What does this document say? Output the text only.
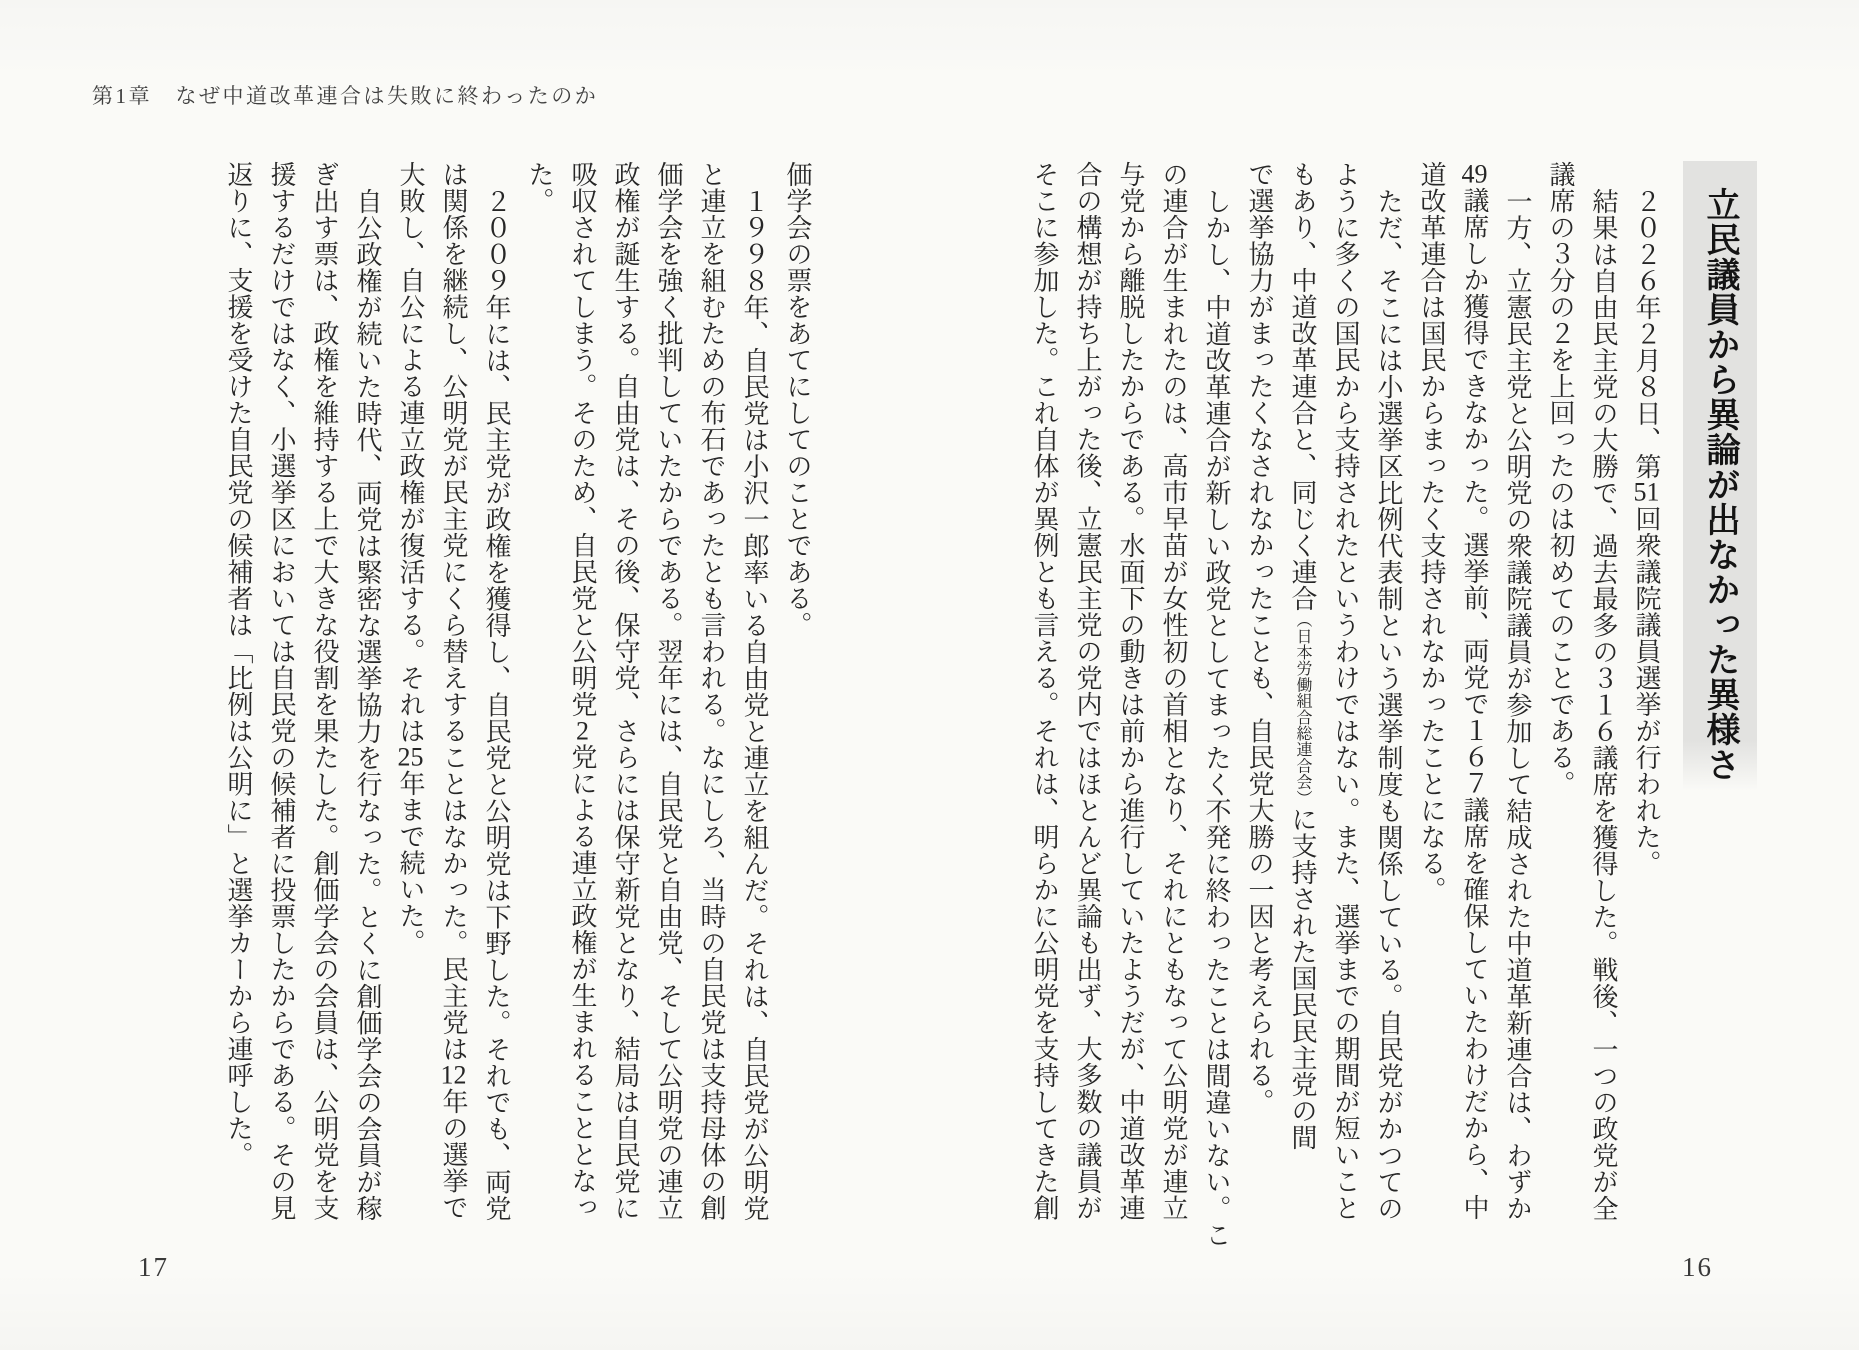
第1章　なぜ中道改革連合は失敗に終わったのか
立民議員から異論が出なかった異様さ
２０２６年２月８日、第51回衆議院議員選挙が行われた。
結果は自由民主党の大勝で、過去最多の３１６議席を獲得した。戦後、一つの政党が全
議席の３分の２を上回ったのは初めてのことである。
一方、立憲民主党と公明党の衆議院議員が参加して結成された中道革新連合は、わずか
49議席しか獲得できなかった。選挙前、両党で１６７議席を確保していたわけだから、中
道改革連合は国民からまったく支持されなかったことになる。
ただ、そこには小選挙区比例代表制という選挙制度も関係している。自民党がかつての
ように多くの国民から支持されたというわけではない。また、選挙までの期間が短いこと
もあり、中道改革連合と、同じく連合（日本労働組合総連合会）に支持された国民民主党の間
で選挙協力がまったくなされなかったことも、自民党大勝の一因と考えられる。
しかし、中道改革連合が新しい政党としてまったく不発に終わったことは間違いない。こ
の連合が生まれたのは、高市早苗が女性初の首相となり、それにともなって公明党が連立
与党から離脱したからである。水面下の動きは前から進行していたようだが、中道改革連
合の構想が持ち上がった後、立憲民主党の党内ではほとんど異論も出ず、大多数の議員が
そこに参加した。これ自体が異例とも言える。それは、明らかに公明党を支持してきた創
価学会の票をあてにしてのことである。
１９９８年、自民党は小沢一郎率いる自由党と連立を組んだ。それは、自民党が公明党
と連立を組むための布石であったとも言われる。なにしろ、当時の自民党は支持母体の創
価学会を強く批判していたからである。翌年には、自民党と自由党、そして公明党の連立
政権が誕生する。自由党は、その後、保守党、さらには保守新党となり、結局は自民党に
吸収されてしまう。そのため、自民党と公明党2党による連立政権が生まれることとなっ
た。
２００９年には、民主党が政権を獲得し、自民党と公明党は下野した。それでも、両党
は関係を継続し、公明党が民主党にくら替えすることはなかった。民主党は12年の選挙で
大敗し、自公による連立政権が復活する。それは25年まで続いた。
自公政権が続いた時代、両党は緊密な選挙協力を行なった。とくに創価学会の会員が稼
ぎ出す票は、政権を維持する上で大きな役割を果たした。創価学会の会員は、公明党を支
援するだけではなく、小選挙区においては自民党の候補者に投票したからである。その見
返りに、支援を受けた自民党の候補者は「比例は公明に」と選挙カーから連呼した。
16
17
